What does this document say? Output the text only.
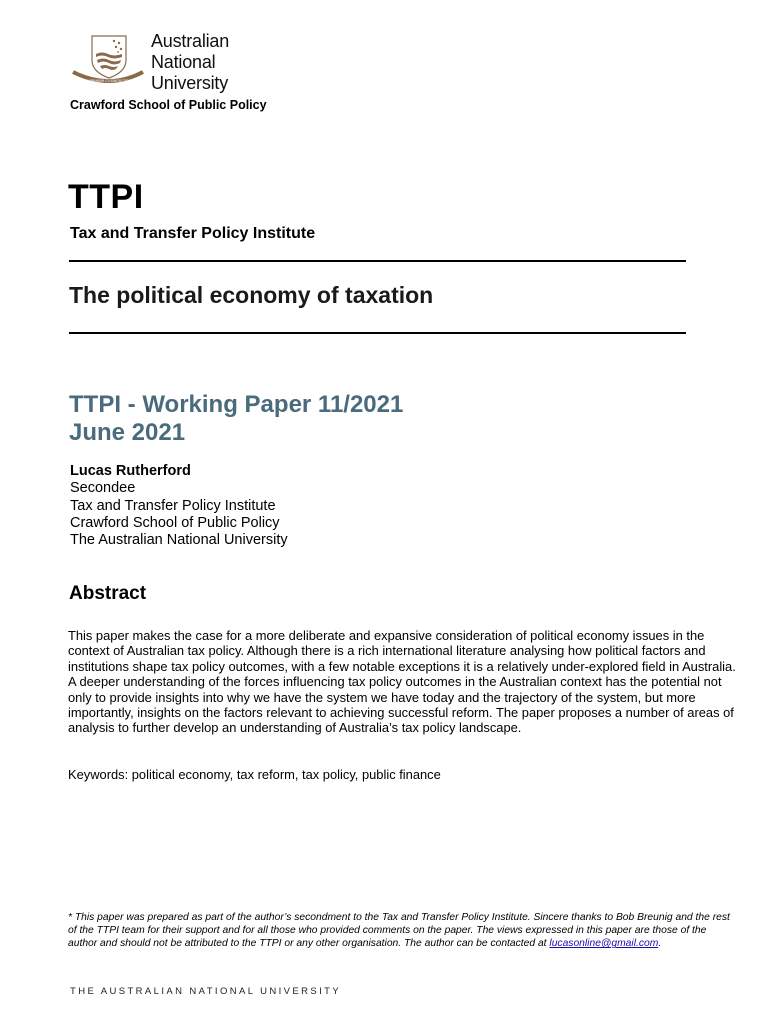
NATURAM PRIMUM COGNOSCERE RERUM
Australian
National
University
Crawford School of Public Policy
TTPI
Tax and Transfer Policy Institute
The political economy of taxation
TTPI - Working Paper 11/2021
June 2021
Lucas Rutherford
Secondee
Tax and Transfer Policy Institute
Crawford School of Public Policy
The Australian National University
Abstract
This paper makes the case for a more deliberate and expansive consideration of political economy issues in the context of Australian tax policy. Although there is a rich international literature analysing how political factors and institutions shape tax policy outcomes, with a few notable exceptions it is a relatively under-explored field in Australia. A deeper understanding of the forces influencing tax policy outcomes in the Australian context has the potential not only to provide insights into why we have the system we have today and the trajectory of the system, but more importantly, insights on the factors relevant to achieving successful reform. The paper proposes a number of areas of analysis to further develop an understanding of Australia’s tax policy landscape.
Keywords: political economy, tax reform, tax policy, public finance
* This paper was prepared as part of the author’s secondment to the Tax and Transfer Policy Institute. Sincere thanks to Bob Breunig and the rest of the TTPI team for their support and for all those who provided comments on the paper. The views expressed in this paper are those of the author and should not be attributed to the TTPI or any other organisation. The author can be contacted at lucasonline@gmail.com.
THE AUSTRALIAN NATIONAL UNIVERSITY
